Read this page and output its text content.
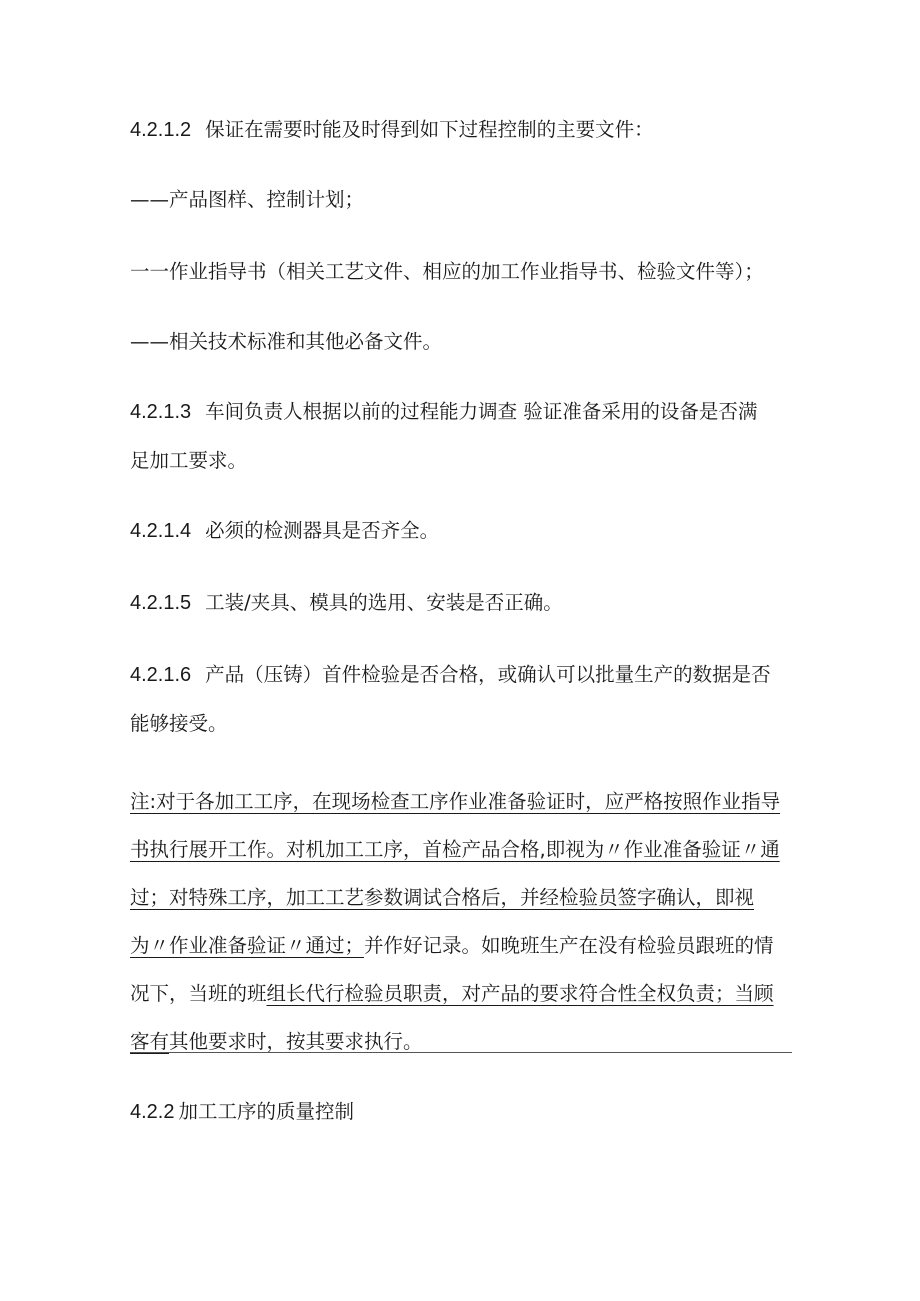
4.2.1.2 保证在需要时能及时得到如下过程控制的主要文件：
——产品图样、控制计划；
一一作业指导书（相关工艺文件、相应的加工作业指导书、检验文件等）；
——相关技术标准和其他必备文件。
4.2.1.3 车间负责人根据以前的过程能力调查 验证准备采用的设备是否满
足加工要求。
4.2.1.4 必须的检测器具是否齐全。
4.2.1.5 工装/夹具、模具的选用、安装是否正确。
4.2.1.6 产品（压铸）首件检验是否合格，或确认可以批量生产的数据是否
能够接受。
注:对于各加工工序，在现场检查工序作业准备验证时，应严格按照作业指导
书执行展开工作。对机加工工序，首检产品合格,即视为〃作业准备验证〃通
过；对特殊工序，加工工艺参数调试合格后，并经检验员签字确认，即视
为〃作业准备验证〃通过；并作好记录。如晚班生产在没有检验员跟班的情
况下，当班的班组长代行检验员职责，对产品的要求符合性全权负责；当顾
客有其他要求时，按其要求执行。
4.2.2 加工工序的质量控制
